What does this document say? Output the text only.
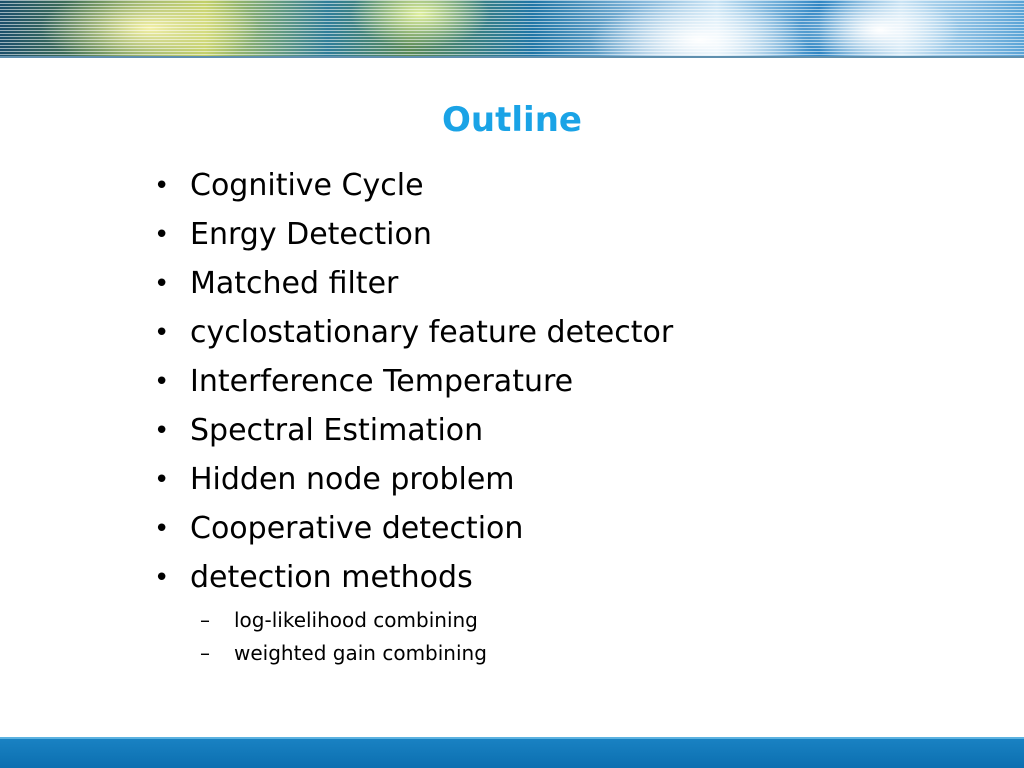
Outline
• Cognitive Cycle
• Enrgy Detection
• Matched filter
• cyclostationary feature detector
• Interference Temperature
• Spectral Estimation
• Hidden node problem
• Cooperative detection
• detection methods
– log-likelihood combining
– weighted gain combining
